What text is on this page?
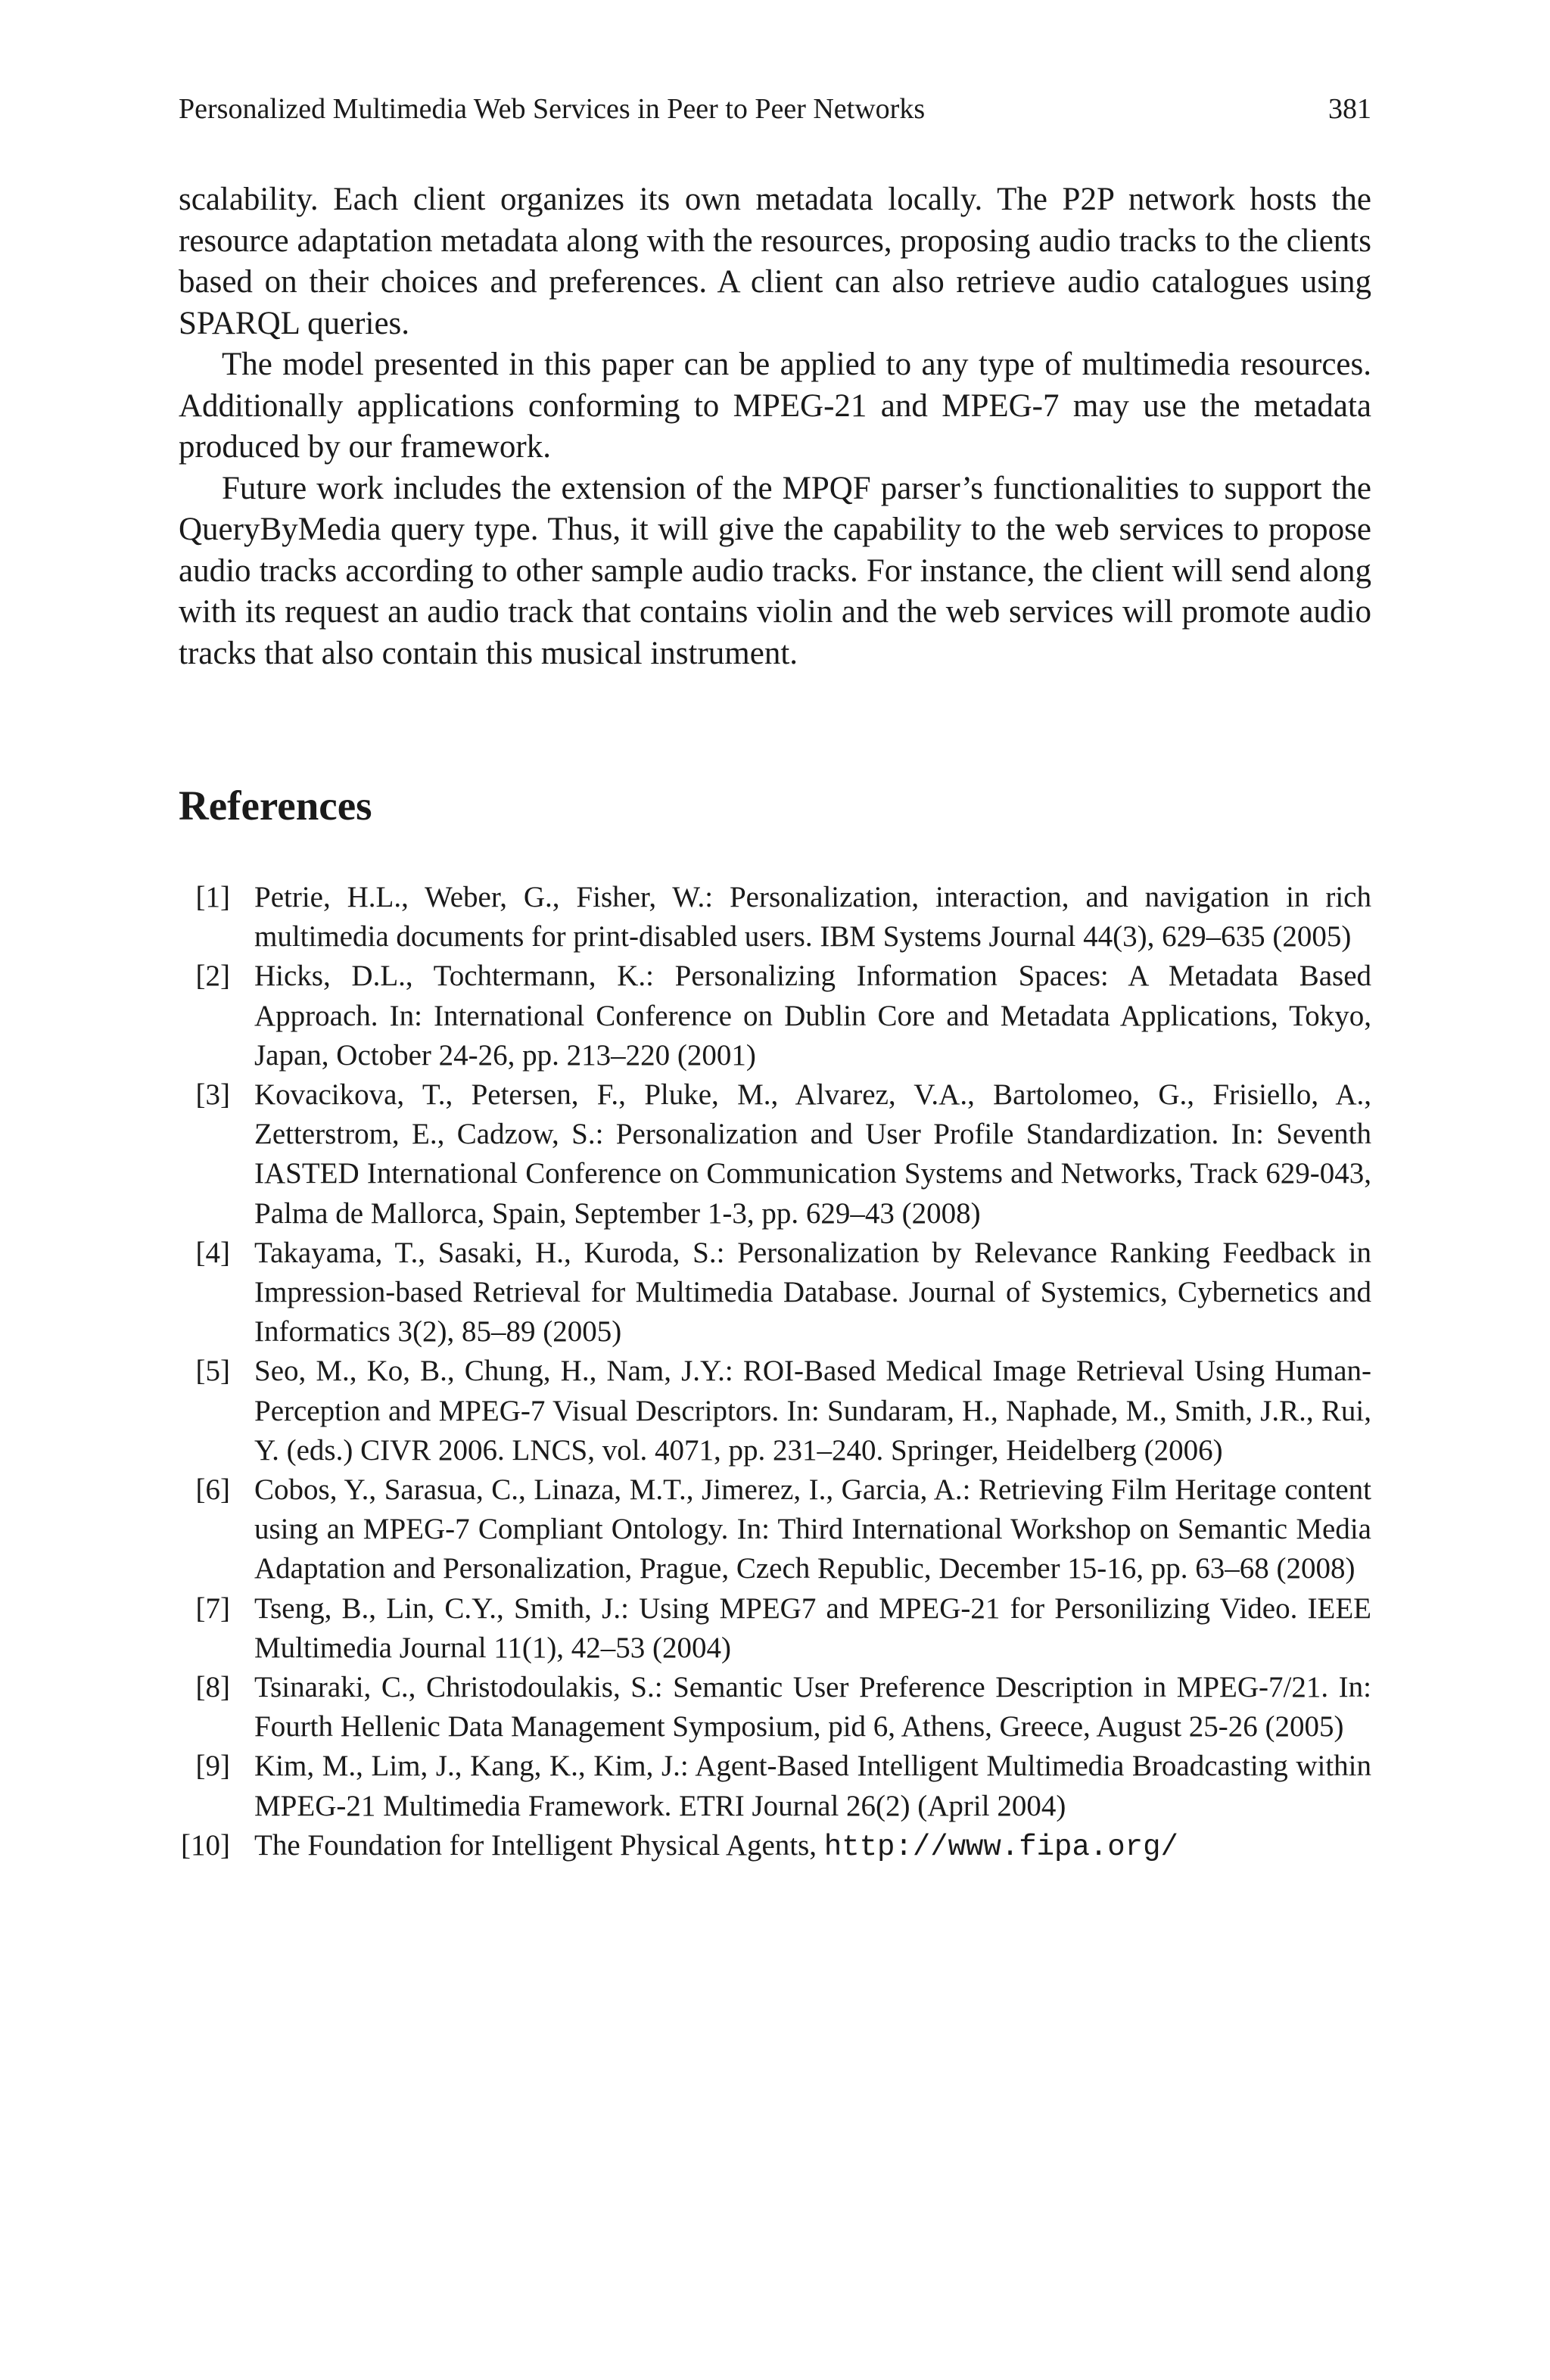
Personalized Multimedia Web Services in Peer to Peer Networks	381

scalability. Each client organizes its own metadata locally. The P2P network hosts the resource adaptation metadata along with the resources, proposing audio tracks to the clients based on their choices and preferences. A client can also retrieve audio catalogues using SPARQL queries.

The model presented in this paper can be applied to any type of multimedia resources. Additionally applications conforming to MPEG-21 and MPEG-7 may use the metadata produced by our framework.

Future work includes the extension of the MPQF parser’s functionalities to support the QueryByMedia query type. Thus, it will give the capability to the web services to propose audio tracks according to other sample audio tracks. For instance, the client will send along with its request an audio track that contains violin and the web services will promote audio tracks that also contain this musical instrument.

References
[1] Petrie, H.L., Weber, G., Fisher, W.: Personalization, interaction, and navigation in rich multimedia documents for print-disabled users. IBM Systems Journal 44(3), 629–635 (2005)
[2] Hicks, D.L., Tochtermann, K.: Personalizing Information Spaces: A Metadata Based Approach. In: International Conference on Dublin Core and Metadata Applications, Tokyo, Japan, October 24-26, pp. 213–220 (2001)
[3] Kovacikova, T., Petersen, F., Pluke, M., Alvarez, V.A., Bartolomeo, G., Frisiello, A., Zetterstrom, E., Cadzow, S.: Personalization and User Profile Standardization. In: Seventh IASTED International Conference on Communication Systems and Networks, Track 629-043, Palma de Mallorca, Spain, September 1-3, pp. 629–43 (2008)
[4] Takayama, T., Sasaki, H., Kuroda, S.: Personalization by Relevance Ranking Feedback in Impression-based Retrieval for Multimedia Database. Journal of Systemics, Cybernetics and Informatics 3(2), 85–89 (2005)
[5] Seo, M., Ko, B., Chung, H., Nam, J.Y.: ROI-Based Medical Image Retrieval Using Human-Perception and MPEG-7 Visual Descriptors. In: Sundaram, H., Naphade, M., Smith, J.R., Rui, Y. (eds.) CIVR 2006. LNCS, vol. 4071, pp. 231–240. Springer, Heidelberg (2006)
[6] Cobos, Y., Sarasua, C., Linaza, M.T., Jimerez, I., Garcia, A.: Retrieving Film Heritage content using an MPEG-7 Compliant Ontology. In: Third International Workshop on Semantic Media Adaptation and Personalization, Prague, Czech Republic, December 15-16, pp. 63–68 (2008)
[7] Tseng, B., Lin, C.Y., Smith, J.: Using MPEG7 and MPEG-21 for Personilizing Video. IEEE Multimedia Journal 11(1), 42–53 (2004)
[8] Tsinaraki, C., Christodoulakis, S.: Semantic User Preference Description in MPEG-7/21. In: Fourth Hellenic Data Management Symposium, pid 6, Athens, Greece, August 25-26 (2005)
[9] Kim, M., Lim, J., Kang, K., Kim, J.: Agent-Based Intelligent Multimedia Broadcasting within MPEG-21 Multimedia Framework. ETRI Journal 26(2) (April 2004)
[10] The Foundation for Intelligent Physical Agents, http://www.fipa.org/
